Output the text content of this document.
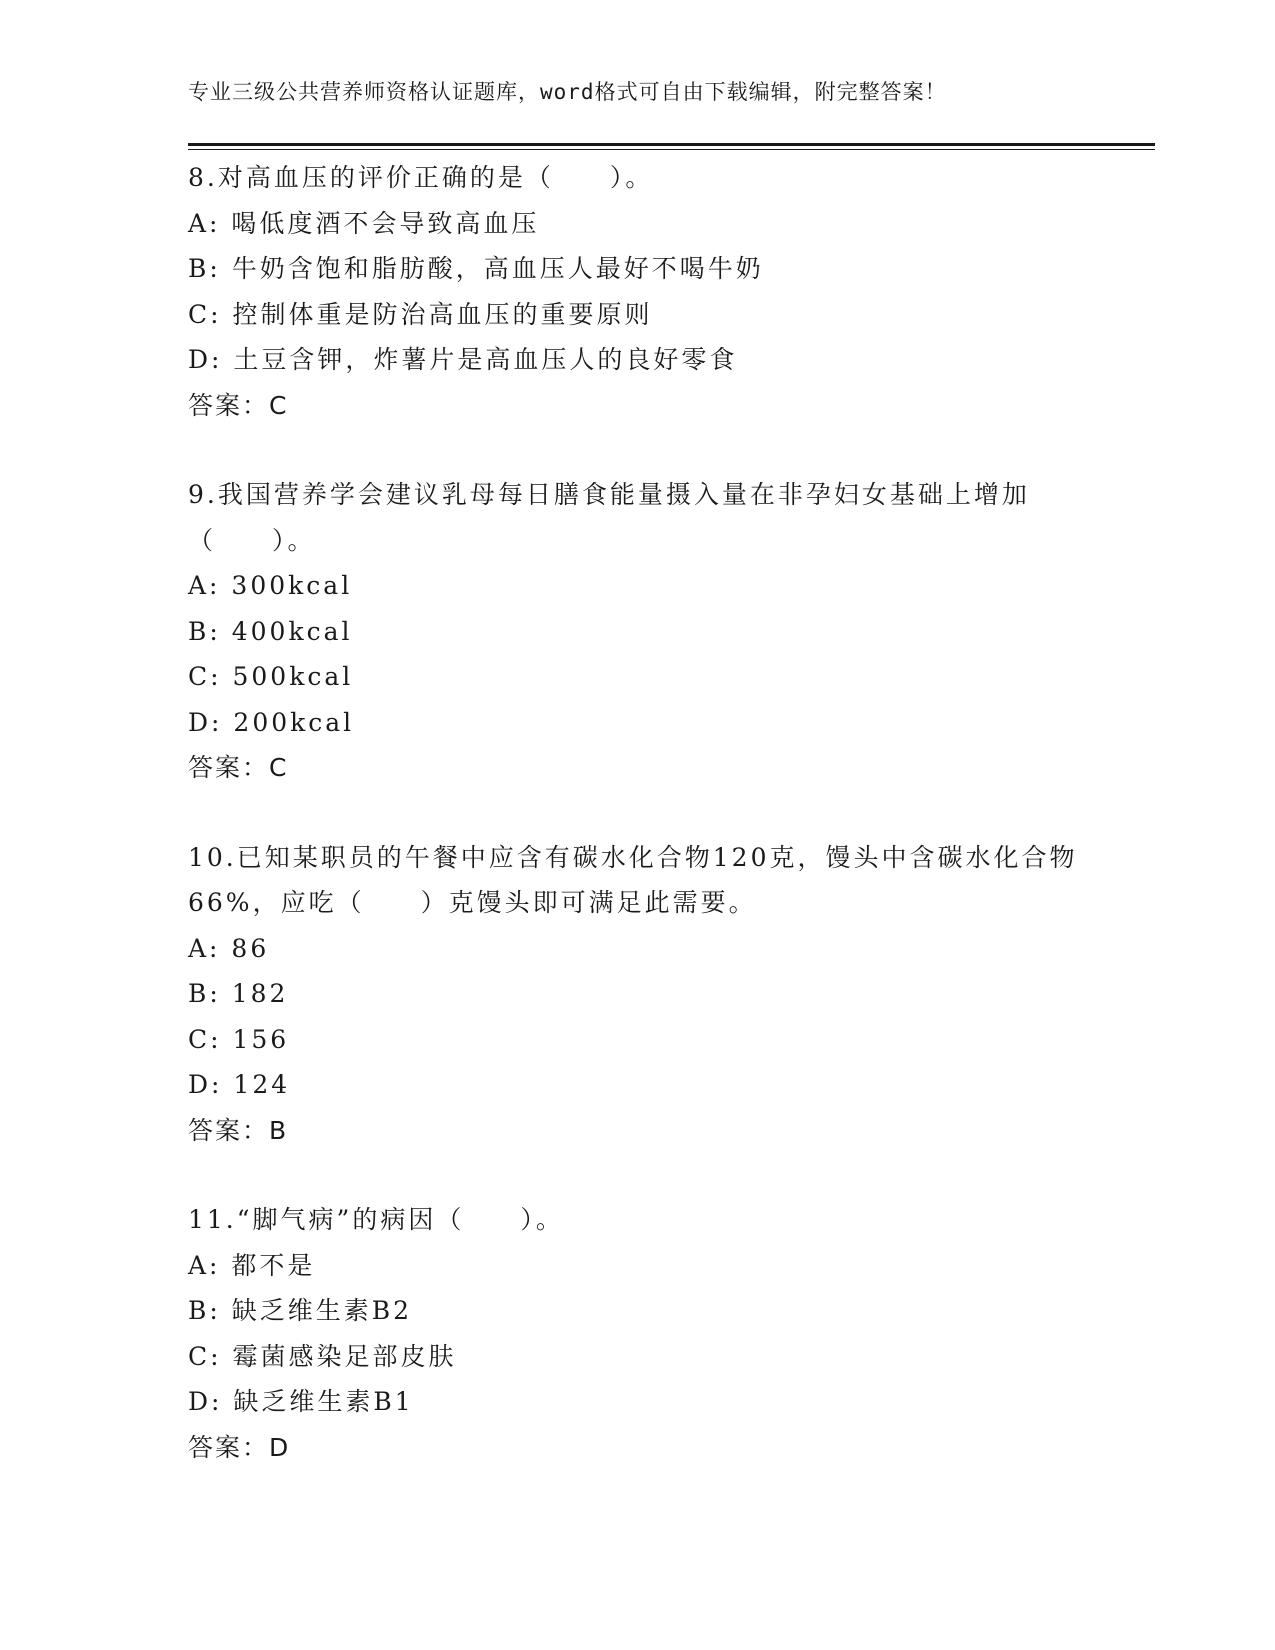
专业三级公共营养师资格认证题库，word格式可自由下载编辑，附完整答案！
8.对高血压的评价正确的是（　　）。
A: 喝低度酒不会导致高血压
B: 牛奶含饱和脂肪酸，高血压人最好不喝牛奶
C: 控制体重是防治高血压的重要原则
D: 土豆含钾，炸薯片是高血压人的良好零食
答案：C
9.我国营养学会建议乳母每日膳食能量摄入量在非孕妇女基础上增加（　　）。
A: 300kcal
B: 400kcal
C: 500kcal
D: 200kcal
答案：C
10.已知某职员的午餐中应含有碳水化合物120克，馒头中含碳水化合物66%，应吃（　　）克馒头即可满足此需要。
A: 86
B: 182
C: 156
D: 124
答案：B
11.“脚气病”的病因（　　）。
A: 都不是
B: 缺乏维生素B2
C: 霉菌感染足部皮肤
D: 缺乏维生素B1
答案：D
